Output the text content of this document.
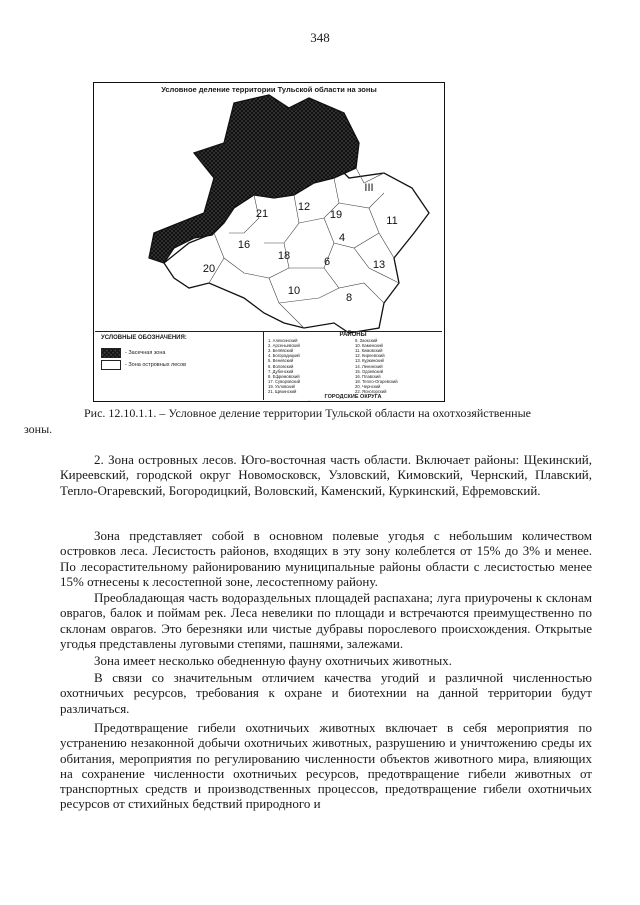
348
21
12
19
III
11
4
16
18	6	13
20
10
8
Условное деление территории Тульской области на зоны
УСЛОВНЫЕ ОБОЗНАЧЕНИЯ:
- Засечная зона
- Зона островных лесов
РАЙОНЫ
1. Алексинский	9. Заокский
2. Арсеньевский	10. Каменский
3. Белёвский	11. Кимовский
4. Богородицкий	12. Киреевский
5. Веневский	13. Куркинский
6. Воловский	14. Ленинский
7. Дубенский	15. Одоевский
8. Ефремовский	16. Плавский
17. Суворовский	18. Тепло-Огаревский
19. Узловский	20. Чернский
21. Щекинский	22. Ясногорский
ГОРОДСКИЕ ОКРУГА
Рис. 12.10.1.1. – Условное деление территории Тульской области на охотхозяйственные
зоны.

2. Зона островных лесов. Юго-восточная часть области. Включает районы: Щекинский, Киреевский, городской округ Новомосковск, Узловский, Кимовский, Чернский, Плавский, Тепло-Огаревский, Богородицкий, Воловский, Каменский, Куркинский, Ефремовский.

Зона представляет собой в основном полевые угодья с небольшим количеством островков леса. Лесистость районов, входящих в эту зону колеблется от 15% до 3% и менее. По лесорастительному районированию муниципальные районы области с лесистостью менее 15% отнесены к лесостепной зоне, лесостепному району.

Преобладающая часть водораздельных площадей распахана; луга приурочены к склонам оврагов, балок и поймам рек. Леса невелики по площади и встречаются преимущественно по склонам оврагов. Это березняки или чистые дубравы порослевого происхождения. Открытые угодья представлены луговыми степями, пашнями, залежами.

Зона имеет несколько обедненную фауну охотничьих животных.

В связи со значительным отличием качества угодий и различной численностью охотничьих ресурсов, требования к охране и биотехнии на данной территории будут различаться.

Предотвращение гибели охотничьих животных включает в себя мероприятия по устранению незаконной добычи охотничьих животных, разрушению и уничтожению среды их обитания, мероприятия по регулированию численности объектов животного мира, влияющих на сохранение численности охотничьих ресурсов, предотвращение гибели животных от транспортных средств и производственных процессов, предотвращение гибели охотничьих ресурсов от стихийных бедствий природного и
